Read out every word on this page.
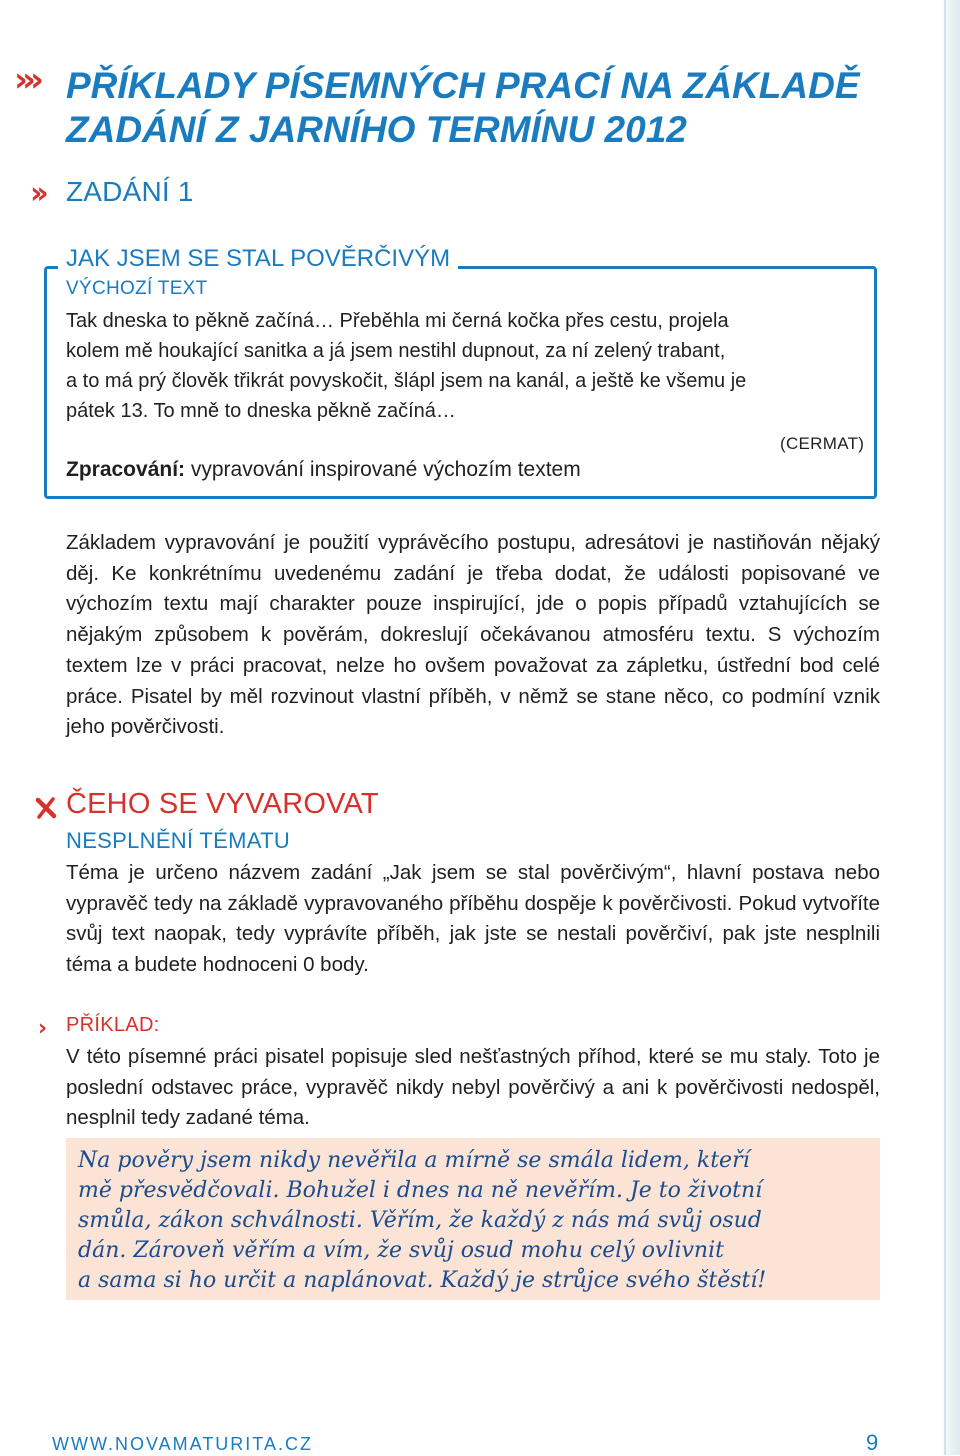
››› PŘÍKLADY PÍSEMNÝCH PRACÍ NA ZÁKLADĚ
ZADÁNÍ Z JARNÍHO TERMÍNU 2012
›› ZADÁNÍ 1
JAK JSEM SE STAL POVĚRČIVÝM
VÝCHOZÍ TEXT

Tak dneska to pěkně začíná… Přeběhla mi černá kočka přes cestu, projela
kolem mě houkající sanitka a já jsem nestihl dupnout, za ní zelený trabant,
a to má prý člověk třikrát povyskočit, šlápl jsem na kanál, a ještě ke všemu je
pátek 13. To mně to dneska pěkně začíná…

(CERMAT)
Zpracování: vypravování inspirované výchozím textem

Základem vypravování je použití vyprávěcího postupu, adresátovi je nastiňován nějaký děj. Ke konkrétnímu uvedenému zadání je třeba dodat, že události popisované ve výchozím textu mají charakter pouze inspirující, jde o popis případů vztahujících se nějakým způsobem k pověrám, dokreslují očekávanou atmosféru textu. S výchozím textem lze v práci pracovat, nelze ho ovšem považovat za zápletku, ústřední bod celé práce. Pisatel by měl rozvinout vlastní příběh, v němž se stane něco, co podmíní vznik jeho pověrčivosti.

ČEHO SE VYVAROVAT
NESPLNĚNÍ TÉMATU

Téma je určeno názvem zadání „Jak jsem se stal pověrčivým“, hlavní postava nebo vypravěč tedy na základě vypravovaného příběhu dospěje k pověrčivosti. Pokud vytvoříte svůj text naopak, tedy vyprávíte příběh, jak jste se nestali pověrčiví, pak jste nesplnili téma a budete hodnoceni 0 body.

› PŘÍKLAD:

V této písemné práci pisatel popisuje sled nešťastných příhod, které se mu staly. Toto je poslední odstavec práce, vypravěč nikdy nebyl pověrčivý a ani k pověrčivosti nedospěl, nesplnil tedy zadané téma.

Na pověry jsem nikdy nevěřila a mírně se smála lidem, kteří
mě přesvědčovali. Bohužel i dnes na ně nevěřím. Je to životní
smůla, zákon schválnosti. Věřím, že každý z nás má svůj osud
dán. Zároveň věřím a vím, že svůj osud mohu celý ovlivnit
a sama si ho určit a naplánovat. Každý je strůjce svého štěstí!
WWW.NOVAMATURITA.CZ	9
